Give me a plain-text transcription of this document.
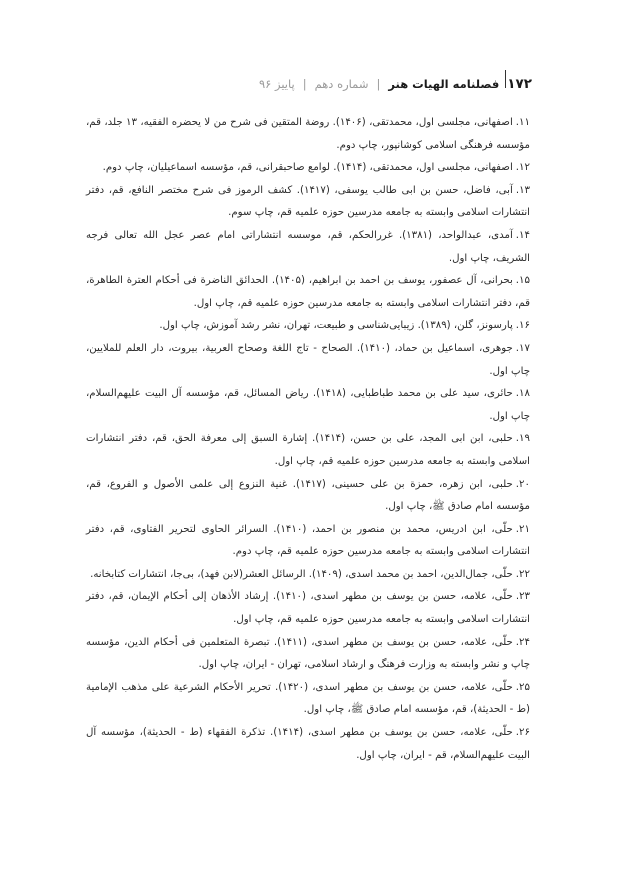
۱۷۲
فصلنامه الهیات هنر
|
شماره دهم
|
پاییز ۹۶

۱۱.اصفهانی، مجلسی اول، محمدتقی، (۱۴۰۶). روضة المتقین فی شرح من لا یحضره الفقیه، ۱۳ جلد، قم، مؤسسه فرهنگی اسلامی کوشانپور، چاپ دوم.

۱۲.اصفهانی، مجلسی اول، محمدتقی، (۱۴۱۴). لوامع صاحبقرانی، قم، مؤسسه اسماعیلیان، چاپ دوم.

۱۳.آبی، فاضل، حسن بن ابی طالب یوسفی، (۱۴۱۷). کشف الرموز فی شرح مختصر النافع، قم، دفتر انتشارات اسلامی وابسته به جامعه مدرسین حوزه علمیه قم، چاپ سوم.

۱۴.آمدی، عبدالواحد، (۱۳۸۱). غررالحکم، قم، موسسه انتشاراتی امام عصر عجل الله تعالی فرجه الشریف، چاپ اول.

۱۵.بحرانی، آل عصفور، یوسف بن احمد بن ابراهیم، (۱۴۰۵). الحدائق الناضرة فی أحکام العترة الطاهرة، قم، دفتر انتشارات اسلامی وابسته به جامعه مدرسین حوزه علمیه قم، چاپ اول.

۱۶.پارسونز، گلن، (۱۳۸۹). زیبایی‌شناسی و طبیعت، تهران، نشر رشد آموزش، چاپ اول.

۱۷.جوهری، اسماعیل بن حماد، (۱۴۱۰). الصحاح - تاج اللغة وصحاح العربیة، بیروت، دار العلم للملایین، چاپ اول.

۱۸.حائری، سید علی بن محمد طباطبایی، (۱۴۱۸). ریاض المسائل، قم، مؤسسه آل البیت علیهم‌السلام، چاپ اول.

۱۹.حلبی، ابن ابی المجد، علی بن حسن، (۱۴۱۴). إشارة السبق إلی معرفة الحق، قم، دفتر انتشارات اسلامی وابسته به جامعه مدرسین حوزه علمیه قم، چاپ اول.

۲۰.حلبی، ابن زهره، حمزة بن علی حسینی، (۱۴۱۷). غنیة النزوع إلی علمی الأصول و الفروع، قم، مؤسسه امام صادق ﷺ، چاپ اول.

۲۱.حلّی، ابن ادریس، محمد بن منصور بن احمد، (۱۴۱۰). السرائر الحاوی لتحریر الفتاوی، قم، دفتر انتشارات اسلامی وابسته به جامعه مدرسین حوزه علمیه قم، چاپ دوم.

۲۲.حلّی، جمال‌الدین، احمد بن محمد اسدی، (۱۴۰۹). الرسائل العشر(لابن فهد)، بی‌جا، انتشارات کتابخانه.

۲۳.حلّی، علامه، حسن بن یوسف بن مطهر اسدی، (۱۴۱۰). إرشاد الأذهان إلی أحکام الإیمان، قم، دفتر انتشارات اسلامی وابسته به جامعه مدرسین حوزه علمیه قم، چاپ اول.

۲۴.حلّی، علامه، حسن بن یوسف بن مطهر اسدی، (۱۴۱۱). تبصرة المتعلمین فی أحکام الدین، مؤسسه چاپ و نشر وابسته به وزارت فرهنگ و ارشاد اسلامی، تهران - ایران، چاپ اول.

۲۵.حلّی، علامه، حسن بن یوسف بن مطهر اسدی، (۱۴۲۰). تحریر الأحکام الشرعیة علی مذهب الإمامیة (ط - الحدیثة)، قم، مؤسسه امام صادق ﷺ، چاپ اول.

۲۶.حلّی، علامه، حسن بن یوسف بن مطهر اسدی، (۱۴۱۴). تذکرة الفقهاء (ط - الحدیثة)، مؤسسه آل البیت علیهم‌السلام، قم - ایران، چاپ اول.
